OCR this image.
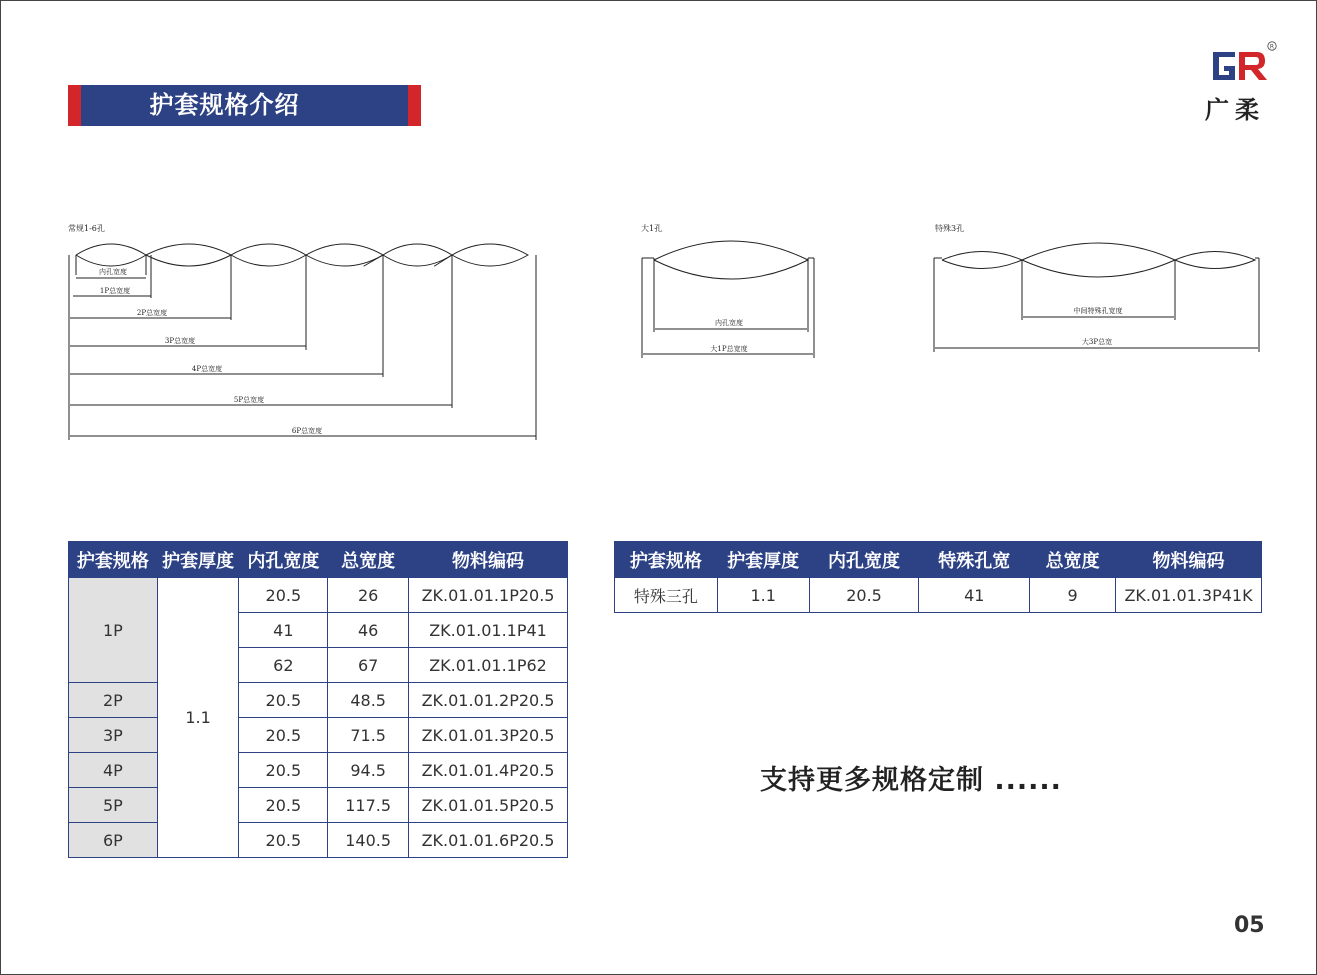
护套规格介绍
R
广柔
常规1-6孔
内孔宽度
1P总宽度
2P总宽度
3P总宽度
4P总宽度
5P总宽度
6P总宽度
大1孔
内孔宽度
大1P总宽度
特殊3孔
中间特殊孔宽度
大3P总宽
护套规格	护套厚度	内孔宽度	总宽度	物料编码
1P	1.1	20.5	26	ZK.01.01.1P20.5
		41	46	ZK.01.01.1P41
		62	67	ZK.01.01.1P62
2P		20.5	48.5	ZK.01.01.2P20.5
3P		20.5	71.5	ZK.01.01.3P20.5
4P		20.5	94.5	ZK.01.01.4P20.5
5P		20.5	117.5	ZK.01.01.5P20.5
6P		20.5	140.5	ZK.01.01.6P20.5
护套规格	护套厚度	内孔宽度	特殊孔宽	总宽度	物料编码
特殊三孔	1.1	20.5	41	9	ZK.01.01.3P41K
支持更多规格定制 ......
05
